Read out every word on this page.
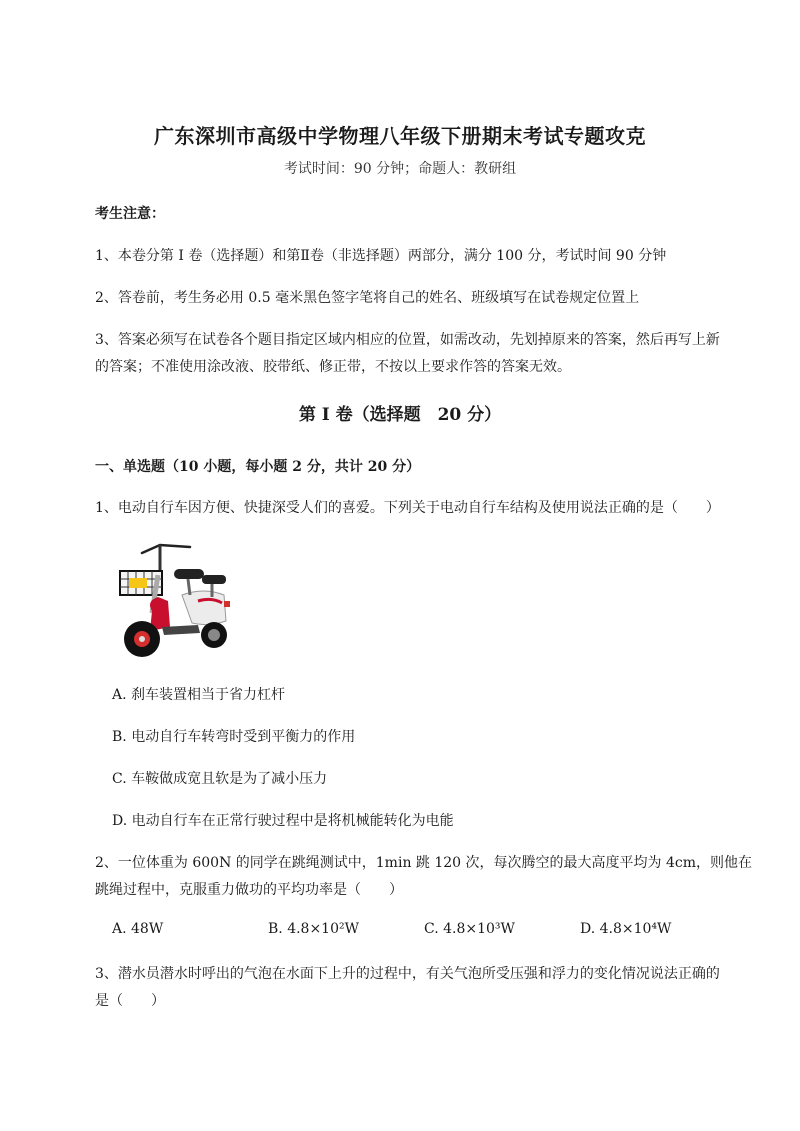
广东深圳市高级中学物理八年级下册期末考试专题攻克
考试时间：90 分钟；命题人：教研组
考生注意：
1、本卷分第 I 卷（选择题）和第Ⅱ卷（非选择题）两部分，满分 100 分，考试时间 90 分钟
2、答卷前，考生务必用 0.5 毫米黑色签字笔将自己的姓名、班级填写在试卷规定位置上
3、答案必须写在试卷各个题目指定区域内相应的位置，如需改动，先划掉原来的答案，然后再写上新
的答案；不准使用涂改液、胶带纸、修正带，不按以上要求作答的答案无效。
第 I 卷（选择题　20 分）
一、单选题（10 小题，每小题 2 分，共计 20 分）
1、电动自行车因方便、快捷深受人们的喜爱。下列关于电动自行车结构及使用说法正确的是（　　）
A. 刹车装置相当于省力杠杆
B. 电动自行车转弯时受到平衡力的作用
C. 车鞍做成宽且软是为了减小压力
D. 电动自行车在正常行驶过程中是将机械能转化为电能
2、一位体重为 600N 的同学在跳绳测试中，1min 跳 120 次，每次腾空的最大高度平均为 4cm，则他在
跳绳过程中，克服重力做功的平均功率是（　　）
A. 48W	B. 4.8×10²W	C. 4.8×10³W	D. 4.8×10⁴W
3、潜水员潜水时呼出的气泡在水面下上升的过程中，有关气泡所受压强和浮力的变化情况说法正确的
是（　　）
